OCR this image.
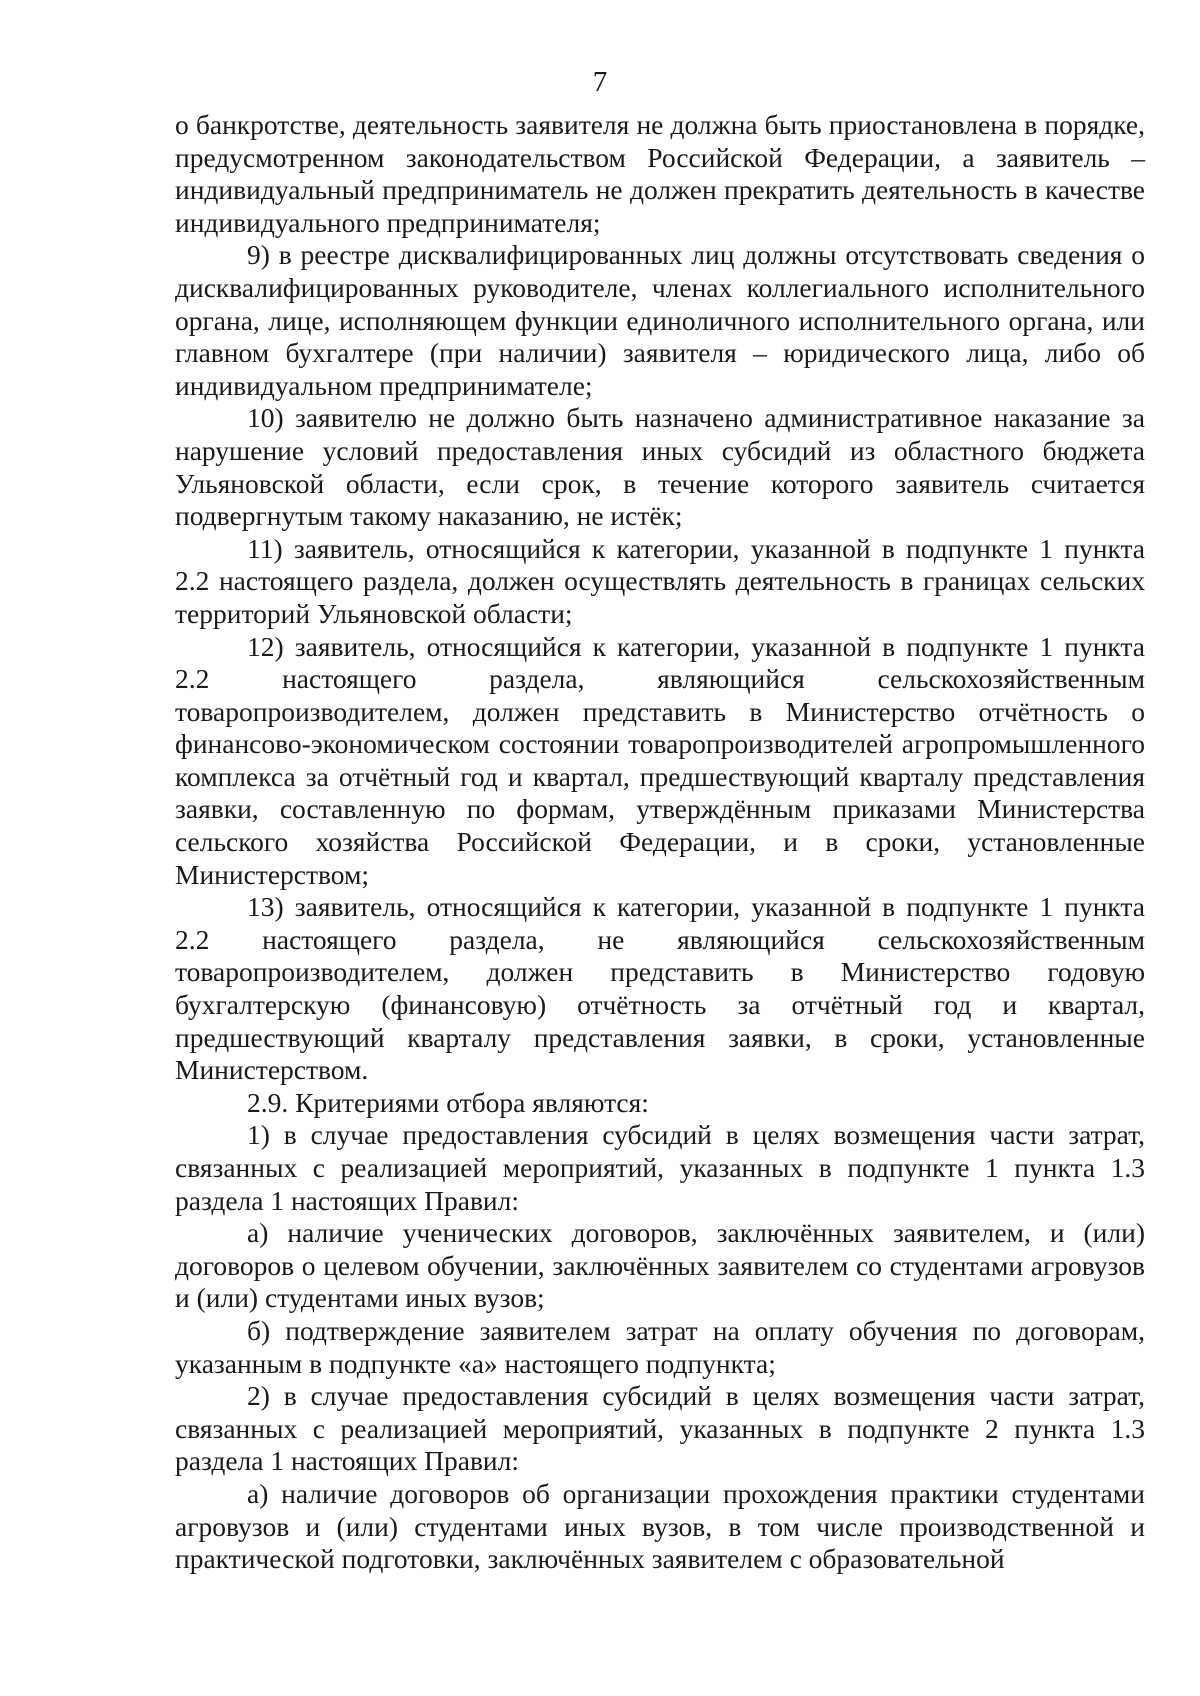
7

о банкротстве, деятельность заявителя не должна быть приостановлена в порядке, предусмотренном законодательством Российской Федерации, а заявитель – индивидуальный предприниматель не должен прекратить деятельность в качестве индивидуального предпринимателя;

9) в реестре дисквалифицированных лиц должны отсутствовать сведения о дисквалифицированных руководителе, членах коллегиального исполнительного органа, лице, исполняющем функции единоличного исполнительного органа, или главном бухгалтере (при наличии) заявителя – юридического лица, либо об индивидуальном предпринимателе;

10) заявителю не должно быть назначено административное наказание за нарушение условий предоставления иных субсидий из областного бюджета Ульяновской области, если срок, в течение которого заявитель считается подвергнутым такому наказанию, не истёк;

11) заявитель, относящийся к категории, указанной в подпункте 1 пункта 2.2 настоящего раздела, должен осуществлять деятельность в границах сельских территорий Ульяновской области;

12) заявитель, относящийся к категории, указанной в подпункте 1 пункта 2.2 настоящего раздела, являющийся сельскохозяйственным товаропроизводителем, должен представить в Министерство отчётность о финансово-экономическом состоянии товаропроизводителей агропромышленного комплекса за отчётный год и квартал, предшествующий кварталу представления заявки, составленную по формам, утверждённым приказами Министерства сельского хозяйства Российской Федерации, и в сроки, установленные Министерством;

13) заявитель, относящийся к категории, указанной в подпункте 1 пункта 2.2 настоящего раздела, не являющийся сельскохозяйственным товаропроизводителем, должен представить в Министерство годовую бухгалтерскую (финансовую) отчётность за отчётный год и квартал, предшествующий кварталу представления заявки, в сроки, установленные Министерством.

2.9. Критериями отбора являются:

1) в случае предоставления субсидий в целях возмещения части затрат, связанных с реализацией мероприятий, указанных в подпункте 1 пункта 1.3 раздела 1 настоящих Правил:

а) наличие ученических договоров, заключённых заявителем, и (или) договоров о целевом обучении, заключённых заявителем со студентами агровузов и (или) студентами иных вузов;

б) подтверждение заявителем затрат на оплату обучения по договорам, указанным в подпункте «а» настоящего подпункта;

2) в случае предоставления субсидий в целях возмещения части затрат, связанных с реализацией мероприятий, указанных в подпункте 2 пункта 1.3 раздела 1 настоящих Правил:

а) наличие договоров об организации прохождения практики студентами агровузов и (или) студентами иных вузов, в том числе производственной и практической подготовки, заключённых заявителем с образовательной
